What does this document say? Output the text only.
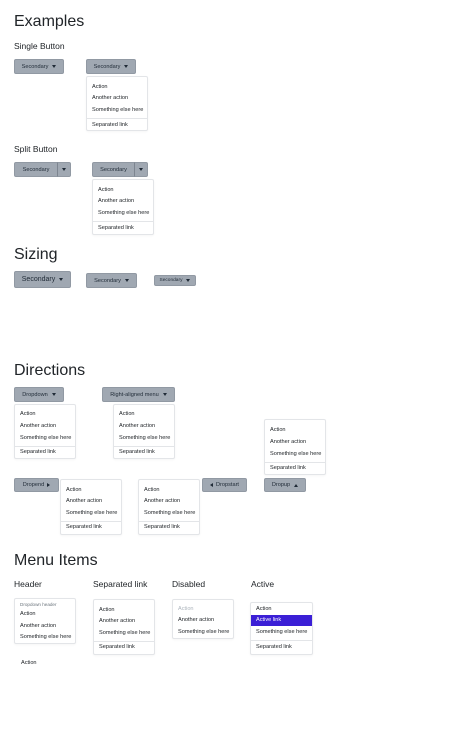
Examples
Single Button
Secondary	Secondary
Action
Another action
Something else here
Separated link
Split Button
Secondary	Secondary
Action
Another action
Something else here
Separated link
Sizing
Secondary	Secondary	Secondary
Directions
Dropdown
Action
Another action
Something else here
Separated link
Right-aligned menu
Action
Another action
Something else here
Separated link
Action
Another action
Something else here
Separated link
Dropend
Action
Another action
Something else here
Separated link
Action
Another action
Something else here
Separated link
Dropstart	Dropup
Menu Items
Header
Dropdown header
Action
Another action
Something else here
Action
Separated link
Action
Another action
Something else here
Separated link
Disabled
Action
Another action
Something else here
Active
Action
Active link
Something else here
Separated link
